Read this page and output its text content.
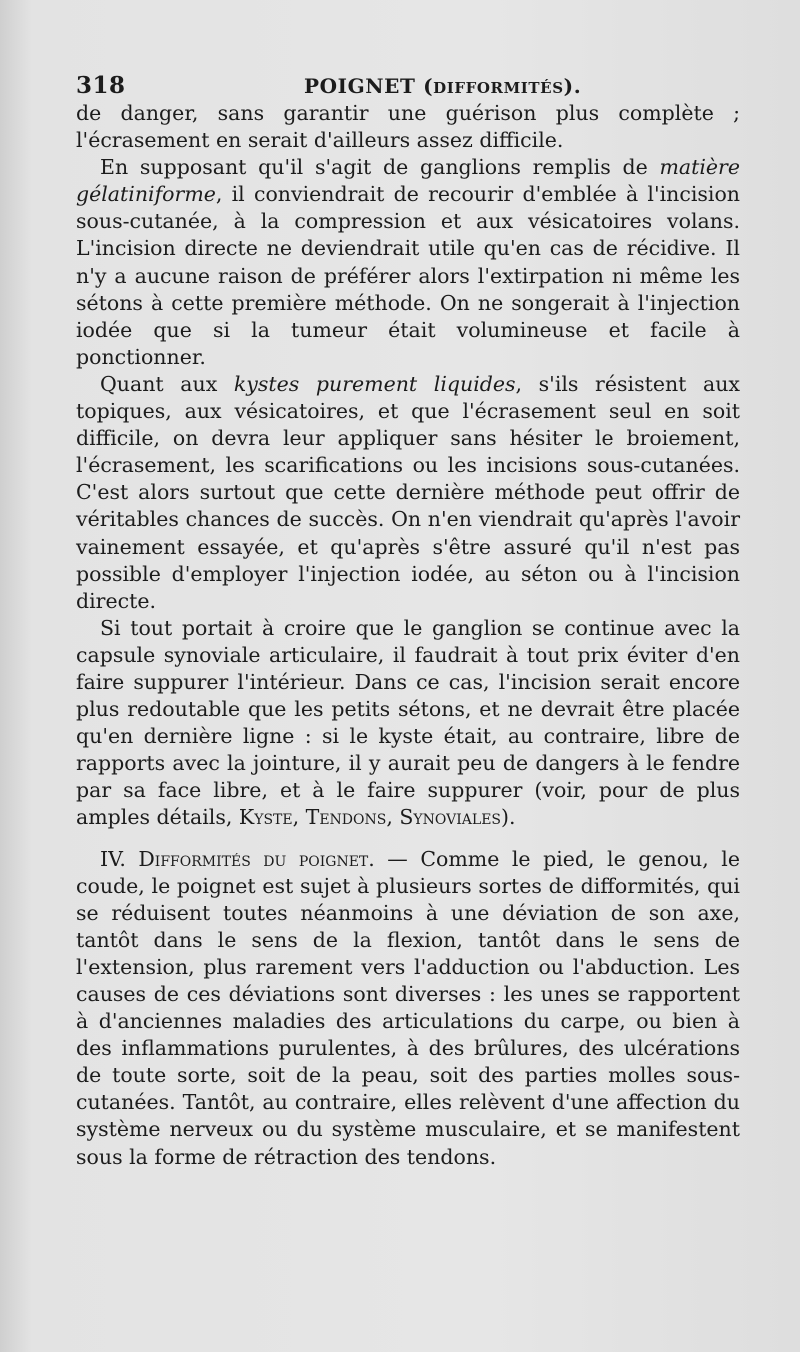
318	POIGNET (DIFFORMITÉS).

de danger, sans garantir une guérison plus complète ; l'écrasement en serait d'ailleurs assez difficile.

En supposant qu'il s'agit de ganglions remplis de matière gélatiniforme, il conviendrait de recourir d'emblée à l'incision sous-cutanée, à la compression et aux vésicatoires volans. L'incision directe ne deviendrait utile qu'en cas de récidive. Il n'y a aucune raison de préférer alors l'extirpation ni même les sétons à cette première méthode. On ne songerait à l'injection iodée que si la tumeur était volumineuse et facile à ponctionner.

Quant aux kystes purement liquides, s'ils résistent aux topiques, aux vésicatoires, et que l'écrasement seul en soit difficile, on devra leur appliquer sans hésiter le broiement, l'écrasement, les scarifications ou les incisions sous-cutanées. C'est alors surtout que cette dernière méthode peut offrir de véritables chances de succès. On n'en viendrait qu'après l'avoir vainement essayée, et qu'après s'être assuré qu'il n'est pas possible d'employer l'injection iodée, au séton ou à l'incision directe.

Si tout portait à croire que le ganglion se continue avec la capsule synoviale articulaire, il faudrait à tout prix éviter d'en faire suppurer l'intérieur. Dans ce cas, l'incision serait encore plus redoutable que les petits sétons, et ne devrait être placée qu'en dernière ligne : si le kyste était, au contraire, libre de rapports avec la jointure, il y aurait peu de dangers à le fendre par sa face libre, et à le faire suppurer (voir, pour de plus amples détails, Kyste, Tendons, Synoviales).

IV. Difformités du poignet. — Comme le pied, le genou, le coude, le poignet est sujet à plusieurs sortes de difformités, qui se réduisent toutes néanmoins à une déviation de son axe, tantôt dans le sens de la flexion, tantôt dans le sens de l'extension, plus rarement vers l'adduction ou l'abduction. Les causes de ces déviations sont diverses : les unes se rapportent à d'anciennes maladies des articulations du carpe, ou bien à des inflammations purulentes, à des brûlures, des ulcérations de toute sorte, soit de la peau, soit des parties molles sous-cutanées. Tantôt, au contraire, elles relèvent d'une affection du système nerveux ou du système musculaire, et se manifestent sous la forme de rétraction des tendons.
